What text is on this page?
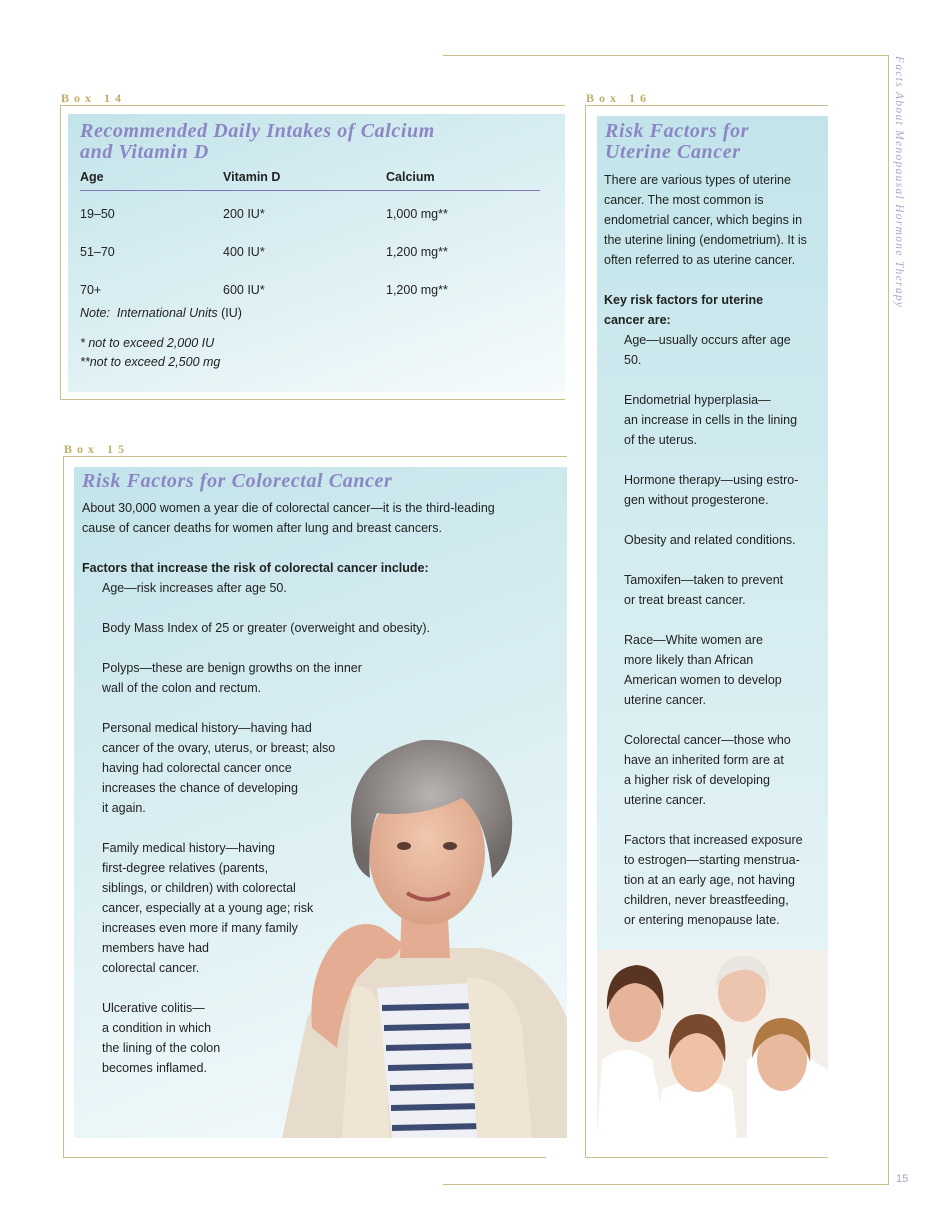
Facts About Menopausal Hormone Therapy
15
Box 14

Recommended Daily Intakes of Calcium
and Vitamin D

Age	Vitamin D	Calcium
19–50	200 IU*	1,000 mg**
51–70	400 IU*	1,200 mg**
70+	600 IU*	1,200 mg**
Note: International Units (IU)
* not to exceed 2,000 IU
**not to exceed 2,500 mg
Box 15

Risk Factors for Colorectal Cancer

About 30,000 women a year die of colorectal cancer—it is the third-leading
cause of cancer deaths for women after lung and breast cancers.

Factors that increase the risk of colorectal cancer include:

Age—risk increases after age 50.

Body Mass Index of 25 or greater (overweight and obesity).

Polyps—these are benign growths on the inner
wall of the colon and rectum.

Personal medical history—having had
cancer of the ovary, uterus, or breast; also
having had colorectal cancer once
increases the chance of developing
it again.

Family medical history—having
first-degree relatives (parents,
siblings, or children) with colorectal
cancer, especially at a young age; risk
increases even more if many family
members have had
colorectal cancer.

Ulcerative colitis—
a condition in which
the lining of the colon
becomes inflamed.

Box 16

Risk Factors for
Uterine Cancer

There are various types of uterine
cancer. The most common is
endometrial cancer, which begins in
the uterine lining (endometrium). It is
often referred to as uterine cancer.

Key risk factors for uterine
cancer are:

Age—usually occurs after age
50.

Endometrial hyperplasia—
an increase in cells in the lining
of the uterus.

Hormone therapy—using estro-
gen without progesterone.

Obesity and related conditions.

Tamoxifen—taken to prevent
or treat breast cancer.

Race—White women are
more likely than African
American women to develop
uterine cancer.

Colorectal cancer—those who
have an inherited form are at
a higher risk of developing
uterine cancer.

Factors that increased exposure
to estrogen—starting menstrua-
tion at an early age, not having
children, never breastfeeding,
or entering menopause late.
